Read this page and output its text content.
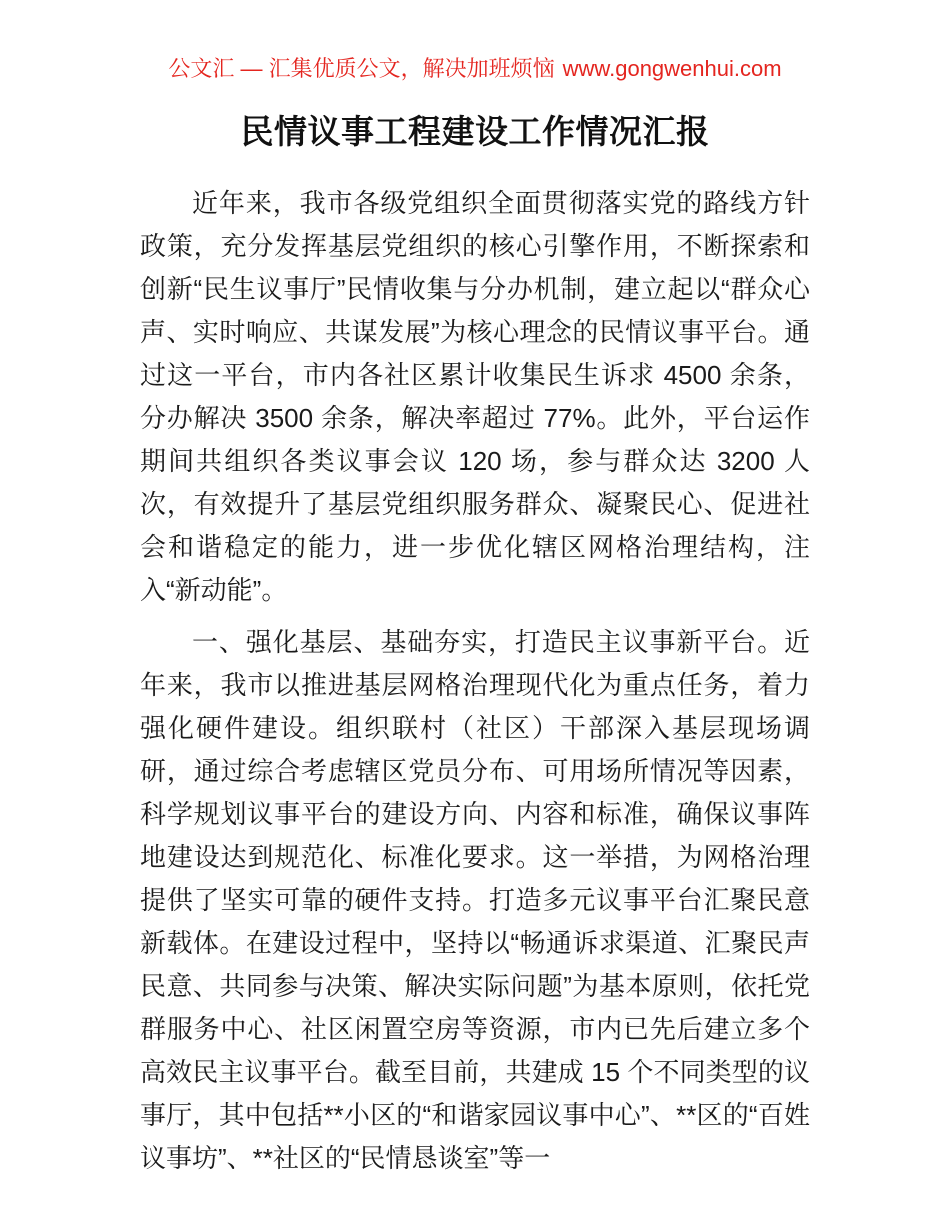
公文汇 — 汇集优质公文，解决加班烦恼 www.gongwenhui.com
民情议事工程建设工作情况汇报

近年来，我市各级党组织全面贯彻落实党的路线方针政策，充分发挥基层党组织的核心引擎作用，不断探索和创新“民生议事厅”民情收集与分办机制，建立起以“群众心声、实时响应、共谋发展”为核心理念的民情议事平台。通过这一平台，市内各社区累计收集民生诉求 4500 余条，分办解决 3500 余条，解决率超过 77%。此外，平台运作期间共组织各类议事会议 120 场，参与群众达 3200 人次，有效提升了基层党组织服务群众、凝聚民心、促进社会和谐稳定的能力，进一步优化辖区网格治理结构，注入“新动能”。

一、强化基层、基础夯实，打造民主议事新平台。近年来，我市以推进基层网格治理现代化为重点任务，着力强化硬件建设。组织联村（社区）干部深入基层现场调研，通过综合考虑辖区党员分布、可用场所情况等因素，科学规划议事平台的建设方向、内容和标准，确保议事阵地建设达到规范化、标准化要求。这一举措，为网格治理提供了坚实可靠的硬件支持。打造多元议事平台汇聚民意新载体。在建设过程中，坚持以“畅通诉求渠道、汇聚民声民意、共同参与决策、解决实际问题”为基本原则，依托党群服务中心、社区闲置空房等资源，市内已先后建立多个高效民主议事平台。截至目前，共建成 15 个不同类型的议事厅，其中包括**小区的“和谐家园议事中心”、**区的“百姓议事坊”、**社区的“民情恳谈室”等一
